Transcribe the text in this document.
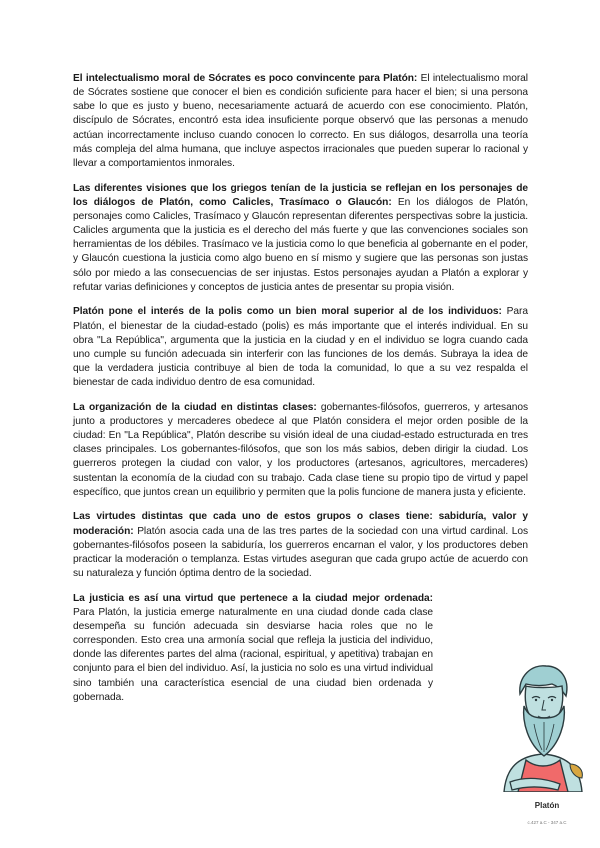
El intelectualismo moral de Sócrates es poco convincente para Platón: El intelectualismo moral de Sócrates sostiene que conocer el bien es condición suficiente para hacer el bien; si una persona sabe lo que es justo y bueno, necesariamente actuará de acuerdo con ese conocimiento. Platón, discípulo de Sócrates, encontró esta idea insuficiente porque observó que las personas a menudo actúan incorrectamente incluso cuando conocen lo correcto. En sus diálogos, desarrolla una teoría más compleja del alma humana, que incluye aspectos irracionales que pueden superar lo racional y llevar a comportamientos inmorales.

Las diferentes visiones que los griegos tenían de la justicia se reflejan en los personajes de los diálogos de Platón, como Calicles, Trasímaco o Glaucón: En los diálogos de Platón, personajes como Calicles, Trasímaco y Glaucón representan diferentes perspectivas sobre la justicia. Calicles argumenta que la justicia es el derecho del más fuerte y que las convenciones sociales son herramientas de los débiles. Trasímaco ve la justicia como lo que beneficia al gobernante en el poder, y Glaucón cuestiona la justicia como algo bueno en sí mismo y sugiere que las personas son justas sólo por miedo a las consecuencias de ser injustas. Estos personajes ayudan a Platón a explorar y refutar varias definiciones y conceptos de justicia antes de presentar su propia visión.

Platón pone el interés de la polis como un bien moral superior al de los individuos: Para Platón, el bienestar de la ciudad-estado (polis) es más importante que el interés individual. En su obra "La República", argumenta que la justicia en la ciudad y en el individuo se logra cuando cada uno cumple su función adecuada sin interferir con las funciones de los demás. Subraya la idea de que la verdadera justicia contribuye al bien de toda la comunidad, lo que a su vez respalda el bienestar de cada individuo dentro de esa comunidad.

La organización de la ciudad en distintas clases: gobernantes-filósofos, guerreros, y artesanos junto a productores y mercaderes obedece al que Platón considera el mejor orden posible de la ciudad: En "La República", Platón describe su visión ideal de una ciudad-estado estructurada en tres clases principales. Los gobernantes-filósofos, que son los más sabios, deben dirigir la ciudad. Los guerreros protegen la ciudad con valor, y los productores (artesanos, agricultores, mercaderes) sustentan la economía de la ciudad con su trabajo. Cada clase tiene su propio tipo de virtud y papel específico, que juntos crean un equilibrio y permiten que la polis funcione de manera justa y eficiente.

Las virtudes distintas que cada uno de estos grupos o clases tiene: sabiduría, valor y moderación: Platón asocia cada una de las tres partes de la sociedad con una virtud cardinal. Los gobernantes-filósofos poseen la sabiduría, los guerreros encarnan el valor, y los productores deben practicar la moderación o templanza. Estas virtudes aseguran que cada grupo actúe de acuerdo con su naturaleza y función óptima dentro de la sociedad.

La justicia es así una virtud que pertenece a la ciudad mejor ordenada: Para Platón, la justicia emerge naturalmente en una ciudad donde cada clase desempeña su función adecuada sin desviarse hacia roles que no le corresponden. Esto crea una armonía social que refleja la justicia del individuo, donde las diferentes partes del alma (racional, espiritual, y apetitiva) trabajan en conjunto para el bien del individuo. Así, la justicia no solo es una virtud individual sino también una característica esencial de una ciudad bien ordenada y gobernada.

Platón
c.427 a.C - 347 a.C
